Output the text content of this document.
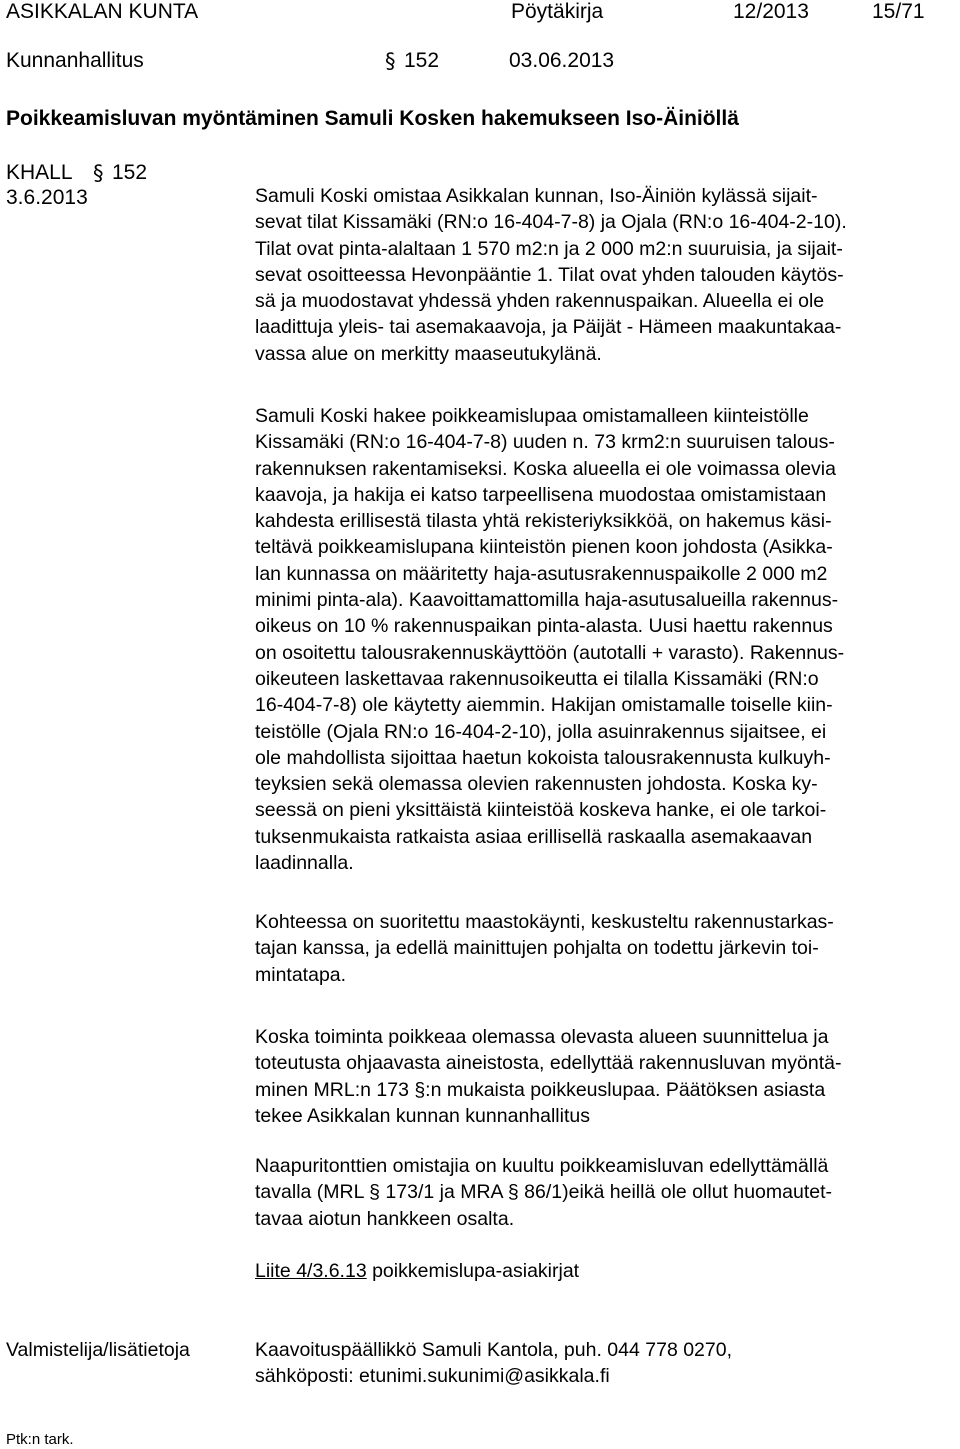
ASIKKALAN KUNTA	Pöytäkirja	12/2013	15/71
Kunnanhallitus	§ 152	03.06.2013
Poikkeamisluvan myöntäminen Samuli Kosken hakemukseen Iso-Äiniöllä
KHALL § 152
3.6.2013	Samuli Koski omistaa Asikkalan kunnan, Iso-Äiniön kylässä sijait-

sevat tilat Kissamäki (RN:o 16-404-7-8) ja Ojala (RN:o 16-404-2-10).

Tilat ovat pinta-alaltaan 1 570 m2:n ja 2 000 m2:n suuruisia, ja sijait-

sevat osoitteessa Hevonpääntie 1. Tilat ovat yhden talouden käytös-

sä ja muodostavat yhdessä yhden rakennuspaikan. Alueella ei ole

laadittuja yleis- tai asemakaavoja, ja Päijät - Hämeen maakuntakaa-

vassa alue on merkitty maaseutukylänä.

Samuli Koski hakee poikkeamislupaa omistamalleen kiinteistölle

Kissamäki (RN:o 16-404-7-8) uuden n. 73 krm2:n suuruisen talous-

rakennuksen rakentamiseksi. Koska alueella ei ole voimassa olevia

kaavoja, ja hakija ei katso tarpeellisena muodostaa omistamistaan

kahdesta erillisestä tilasta yhtä rekisteriyksikköä, on hakemus käsi-

teltävä poikkeamislupana kiinteistön pienen koon johdosta (Asikka-

lan kunnassa on määritetty haja-asutusrakennuspaikolle 2 000 m2

minimi pinta-ala). Kaavoittamattomilla haja-asutusalueilla rakennus-

oikeus on 10 % rakennuspaikan pinta-alasta. Uusi haettu rakennus

on osoitettu talousrakennuskäyttöön (autotalli + varasto). Rakennus-

oikeuteen laskettavaa rakennusoikeutta ei tilalla Kissamäki (RN:o

16-404-7-8) ole käytetty aiemmin. Hakijan omistamalle toiselle kiin-

teistölle (Ojala RN:o 16-404-2-10), jolla asuinrakennus sijaitsee, ei

ole mahdollista sijoittaa haetun kokoista talousrakennusta kulkuyh-

teyksien sekä olemassa olevien rakennusten johdosta. Koska ky-

seessä on pieni yksittäistä kiinteistöä koskeva hanke, ei ole tarkoi-

tuksenmukaista ratkaista asiaa erillisellä raskaalla asemakaavan

laadinnalla.

Kohteessa on suoritettu maastokäynti, keskusteltu rakennustarkas-

tajan kanssa, ja edellä mainittujen pohjalta on todettu järkevin toi-

mintatapa.

Koska toiminta poikkeaa olemassa olevasta alueen suunnittelua ja

toteutusta ohjaavasta aineistosta, edellyttää rakennusluvan myöntä-

minen MRL:n 173 §:n mukaista poikkeuslupaa. Päätöksen asiasta

tekee Asikkalan kunnan kunnanhallitus

Naapuritonttien omistajia on kuultu poikkeamisluvan edellyttämällä

tavalla (MRL § 173/1 ja MRA § 86/1)eikä heillä ole ollut huomautet-

tavaa aiotun hankkeen osalta.

Liite 4/3.6.13 poikkemislupa-asiakirjat
Valmistelija/lisätietoja	Kaavoituspäällikkö Samuli Kantola, puh. 044 778 0270,
sähköposti: etunimi.sukunimi@asikkala.fi
Ptk:n tark.
